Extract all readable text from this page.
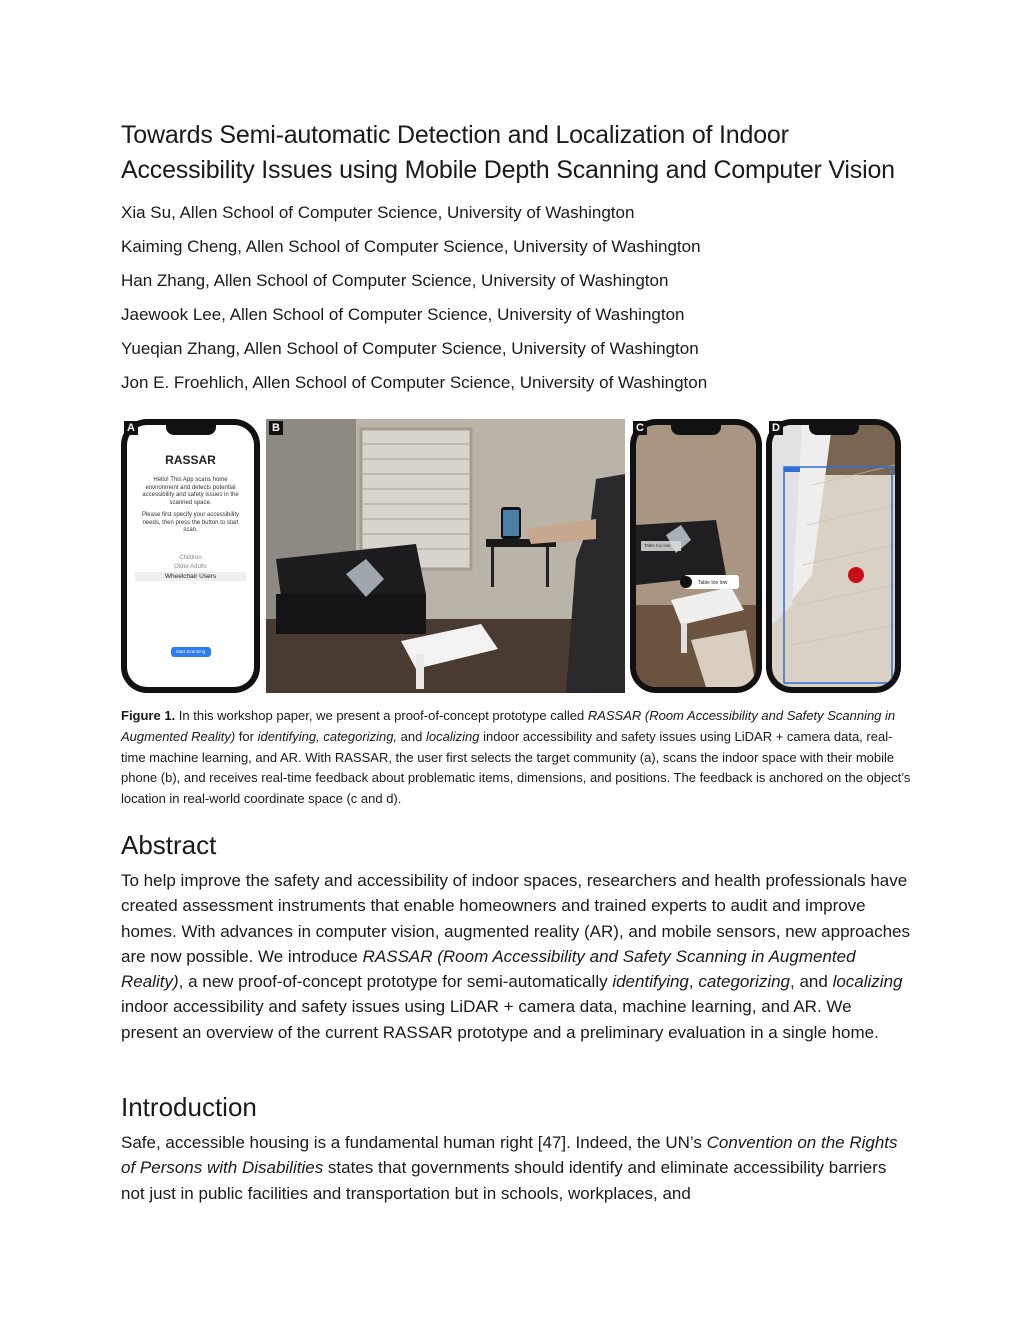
Towards Semi-automatic Detection and Localization of Indoor Accessibility Issues using Mobile Depth Scanning and Computer Vision
Xia Su, Allen School of Computer Science, University of Washington
Kaiming Cheng, Allen School of Computer Science, University of Washington
Han Zhang, Allen School of Computer Science, University of Washington
Jaewook Lee, Allen School of Computer Science, University of Washington
Yueqian Zhang, Allen School of Computer Science, University of Washington
Jon E. Froehlich, Allen School of Computer Science, University of Washington
RASSAR
Hello! This App scans home environment and detects potential accessibility and safety issues in the scanned space.
Please first specify your accessibility needs, then press the button to start scan.
Children
Older Adults
Wheelchair Users
Start Scanning
A	B
Table too low
Table too low
C	D
Figure 1. In this workshop paper, we present a proof-of-concept prototype called RASSAR (Room Accessibility and Safety Scanning in Augmented Reality) for identifying, categorizing, and localizing indoor accessibility and safety issues using LiDAR + camera data, real-time machine learning, and AR. With RASSAR, the user first selects the target community (a), scans the indoor space with their mobile phone (b), and receives real-time feedback about problematic items, dimensions, and positions. The feedback is anchored on the object’s location in real-world coordinate space (c and d).
Abstract
To help improve the safety and accessibility of indoor spaces, researchers and health professionals have created assessment instruments that enable homeowners and trained experts to audit and improve homes. With advances in computer vision, augmented reality (AR), and mobile sensors, new approaches are now possible. We introduce RASSAR (Room Accessibility and Safety Scanning in Augmented Reality), a new proof-of-concept prototype for semi-automatically identifying, categorizing, and localizing indoor accessibility and safety issues using LiDAR + camera data, machine learning, and AR. We present an overview of the current RASSAR prototype and a preliminary evaluation in a single home.
Introduction
Safe, accessible housing is a fundamental human right [47]. Indeed, the UN’s Convention on the Rights of Persons with Disabilities states that governments should identify and eliminate accessibility barriers not just in public facilities and transportation but in schools, workplaces, and
